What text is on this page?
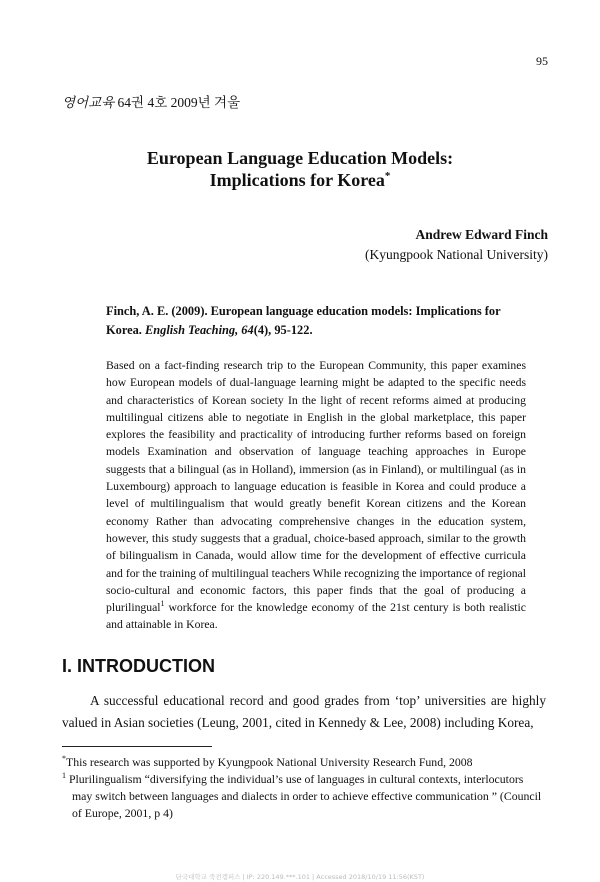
95
영어교육 64권 4호 2009년 겨울
European Language Education Models:
Implications for Korea*
Andrew Edward Finch
(Kyungpook National University)
Finch, A. E. (2009). European language education models: Implications for Korea. English Teaching, 64(4), 95-122.
Based on a fact-finding research trip to the European Community, this paper examines how European models of dual-language learning might be adapted to the specific needs and characteristics of Korean society In the light of recent reforms aimed at producing multilingual citizens able to negotiate in English in the global marketplace, this paper explores the feasibility and practicality of introducing further reforms based on foreign models Examination and observation of language teaching approaches in Europe suggests that a bilingual (as in Holland), immersion (as in Finland), or multilingual (as in Luxembourg) approach to language education is feasible in Korea and could produce a level of multilingualism that would greatly benefit Korean citizens and the Korean economy Rather than advocating comprehensive changes in the education system, however, this study suggests that a gradual, choice-based approach, similar to the growth of bilingualism in Canada, would allow time for the development of effective curricula and for the training of multilingual teachers While recognizing the importance of regional socio-cultural and economic factors, this paper finds that the goal of producing a plurilingual$^1$ workforce for the knowledge economy of the 21st century is both realistic and attainable in Korea.
I. INTRODUCTION
A successful educational record and good grades from ‘top’ universities are highly valued in Asian societies (Leung, 2001, cited in Kennedy & Lee, 2008) including Korea,
*This research was supported by Kyungpook National University Research Fund, 2008
$^1$ Plurilingualism “diversifying the individual’s use of languages in cultural contexts, interlocutors may switch between languages and dialects in order to achieve effective communication ” (Council of Europe, 2001, p 4)
단국대학교 죽전캠퍼스 | IP: 220.149.***.101 | Accessed 2018/10/19 11:56(KST)
